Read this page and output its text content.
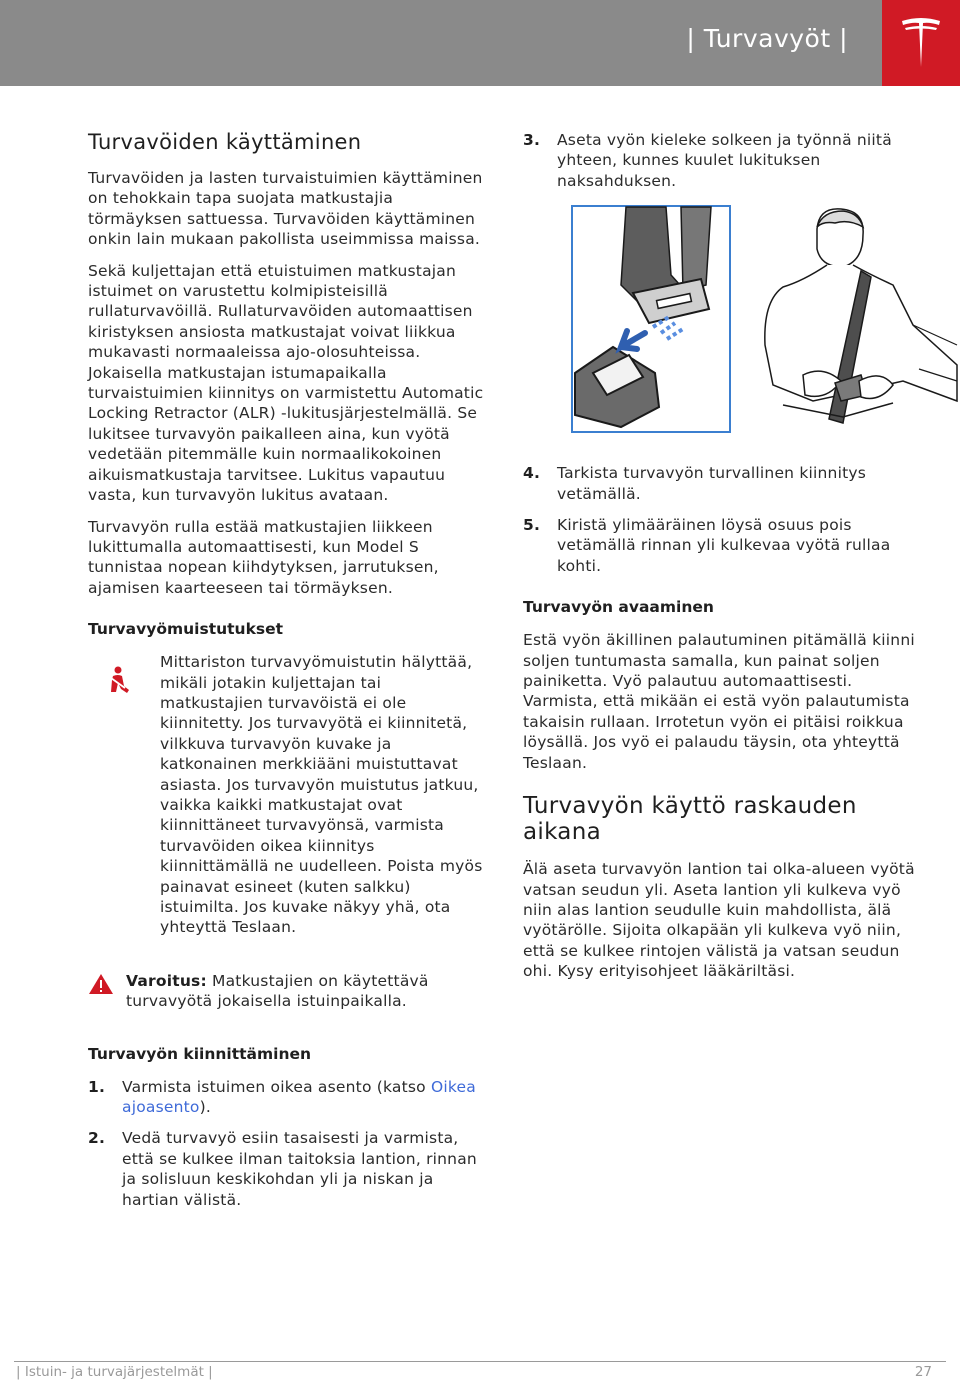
| Turvavyöt |
Turvavöiden käyttäminen

Turvavöiden ja lasten turvaistuimien käyttäminen on tehokkain tapa suojata matkustajia törmäyksen sattuessa. Turvavöiden käyttäminen onkin lain mukaan pakollista useimmissa maissa.

Sekä kuljettajan että etuistuimen matkustajan istuimet on varustettu kolmipisteisillä rullaturvavöillä. Rullaturvavöiden automaattisen kiristyksen ansiosta matkustajat voivat liikkua mukavasti normaaleissa ajo-olosuhteissa. Jokaisella matkustajan istumapaikalla turvaistuimien kiinnitys on varmistettu Automatic Locking Retractor (ALR) -lukitusjärjestelmällä. Se lukitsee turvavyön paikalleen aina, kun vyötä vedetään pitemmälle kuin normaalikokoinen aikuismatkustaja tarvitsee. Lukitus vapautuu vasta, kun turvavyön lukitus avataan.

Turvavyön rulla estää matkustajien liikkeen lukittumalla automaattisesti, kun Model S tunnistaa nopean kiihdytyksen, jarrutuksen, ajamisen kaarteeseen tai törmäyksen.

Turvavyömuistutukset

Mittariston turvavyömuistutin hälyttää, mikäli jotakin kuljettajan tai matkustajien turvavöistä ei ole kiinnitetty. Jos turvavyötä ei kiinnitetä, vilkkuva turvavyön kuvake ja katkonainen merkkiääni muistuttavat asiasta. Jos turvavyön muistutus jatkuu, vaikka kaikki matkustajat ovat kiinnittäneet turvavyönsä, varmista turvavöiden oikea kiinnitys kiinnittämällä ne uudelleen. Poista myös painavat esineet (kuten salkku) istuimilta. Jos kuvake näkyy yhä, ota yhteyttä Teslaan.

Varoitus: Matkustajien on käytettävä turvavyötä jokaisella istuinpaikalla.

Turvavyön kiinnittäminen
1.	Varmista istuimen oikea asento (katso Oikea ajoasento).
2.	Vedä turvavyö esiin tasaisesti ja varmista, että se kulkee ilman taitoksia lantion, rinnan ja solisluun keskikohdan yli ja niskan ja hartian välistä.
3.	Aseta vyön kieleke solkeen ja työnnä niitä yhteen, kunnes kuulet lukituksen naksahduksen.
4.	Tarkista turvavyön turvallinen kiinnitys vetämällä.
5.	Kiristä ylimääräinen löysä osuus pois vetämällä rinnan yli kulkevaa vyötä rullaa kohti.
Turvavyön avaaminen

Estä vyön äkillinen palautuminen pitämällä kiinni soljen tuntumasta samalla, kun painat soljen painiketta. Vyö palautuu automaattisesti. Varmista, että mikään ei estä vyön palautumista takaisin rullaan. Irrotetun vyön ei pitäisi roikkua löysällä. Jos vyö ei palaudu täysin, ota yhteyttä Teslaan.

Turvavyön käyttö raskauden aikana

Älä aseta turvavyön lantion tai olka-alueen vyötä vatsan seudun yli. Aseta lantion yli kulkeva vyö niin alas lantion seudulle kuin mahdollista, älä vyötärölle. Sijoita olkapään yli kulkeva vyö niin, että se kulkee rintojen välistä ja vatsan seudun ohi. Kysy erityisohjeet lääkäriltäsi.

| Istuin- ja turvajärjestelmät |	27
